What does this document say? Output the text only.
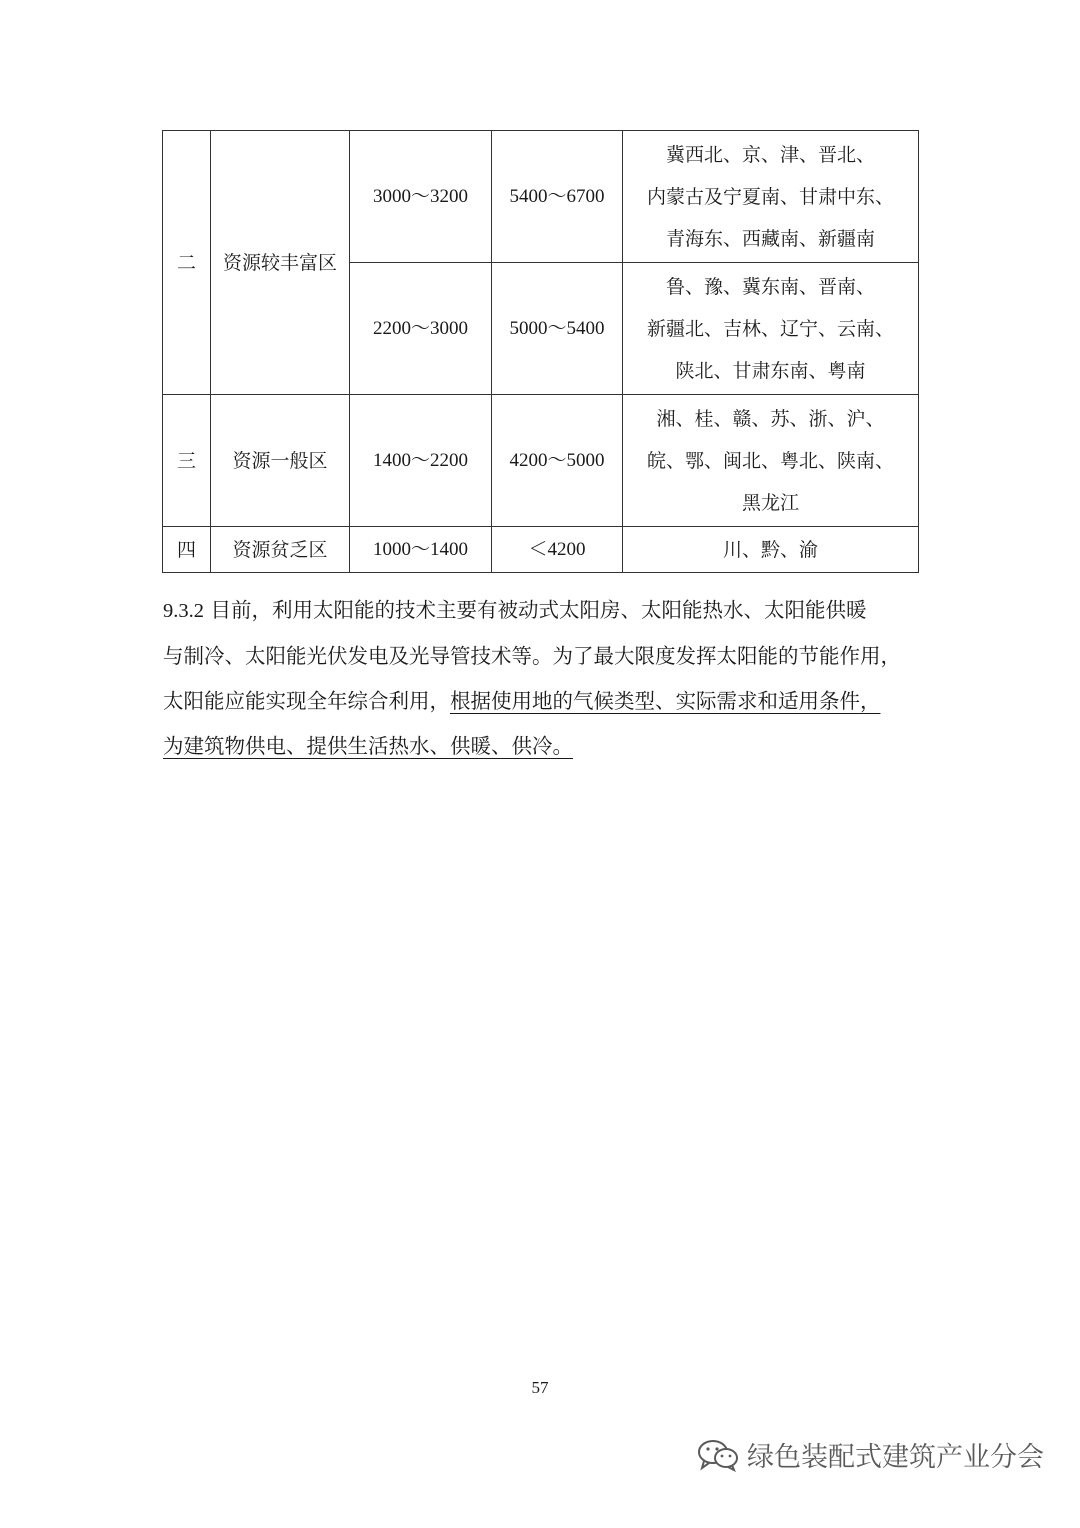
二	资源较丰富区	3000～3200	5400～6700	冀西北、京、津、晋北、
内蒙古及宁夏南、甘肃中东、
青海东、西藏南、新疆南

		2200～3000	5000～5400	鲁、豫、冀东南、晋南、
新疆北、吉林、辽宁、云南、
陕北、甘肃东南、粤南

三	资源一般区	1400～2200	4200～5000	湘、桂、赣、苏、浙、沪、
皖、鄂、闽北、粤北、陕南、
黑龙江

四	资源贫乏区	1000～1400	＜4200	川、黔、渝
9.3.2 目前，利用太阳能的技术主要有被动式太阳房、太阳能热水、太阳能供暖
与制冷、太阳能光伏发电及光导管技术等。为了最大限度发挥太阳能的节能作用，
太阳能应能实现全年综合利用，根据使用地的气候类型、实际需求和适用条件，
为建筑物供电、提供生活热水、供暖、供冷。
57
绿色装配式建筑产业分会
